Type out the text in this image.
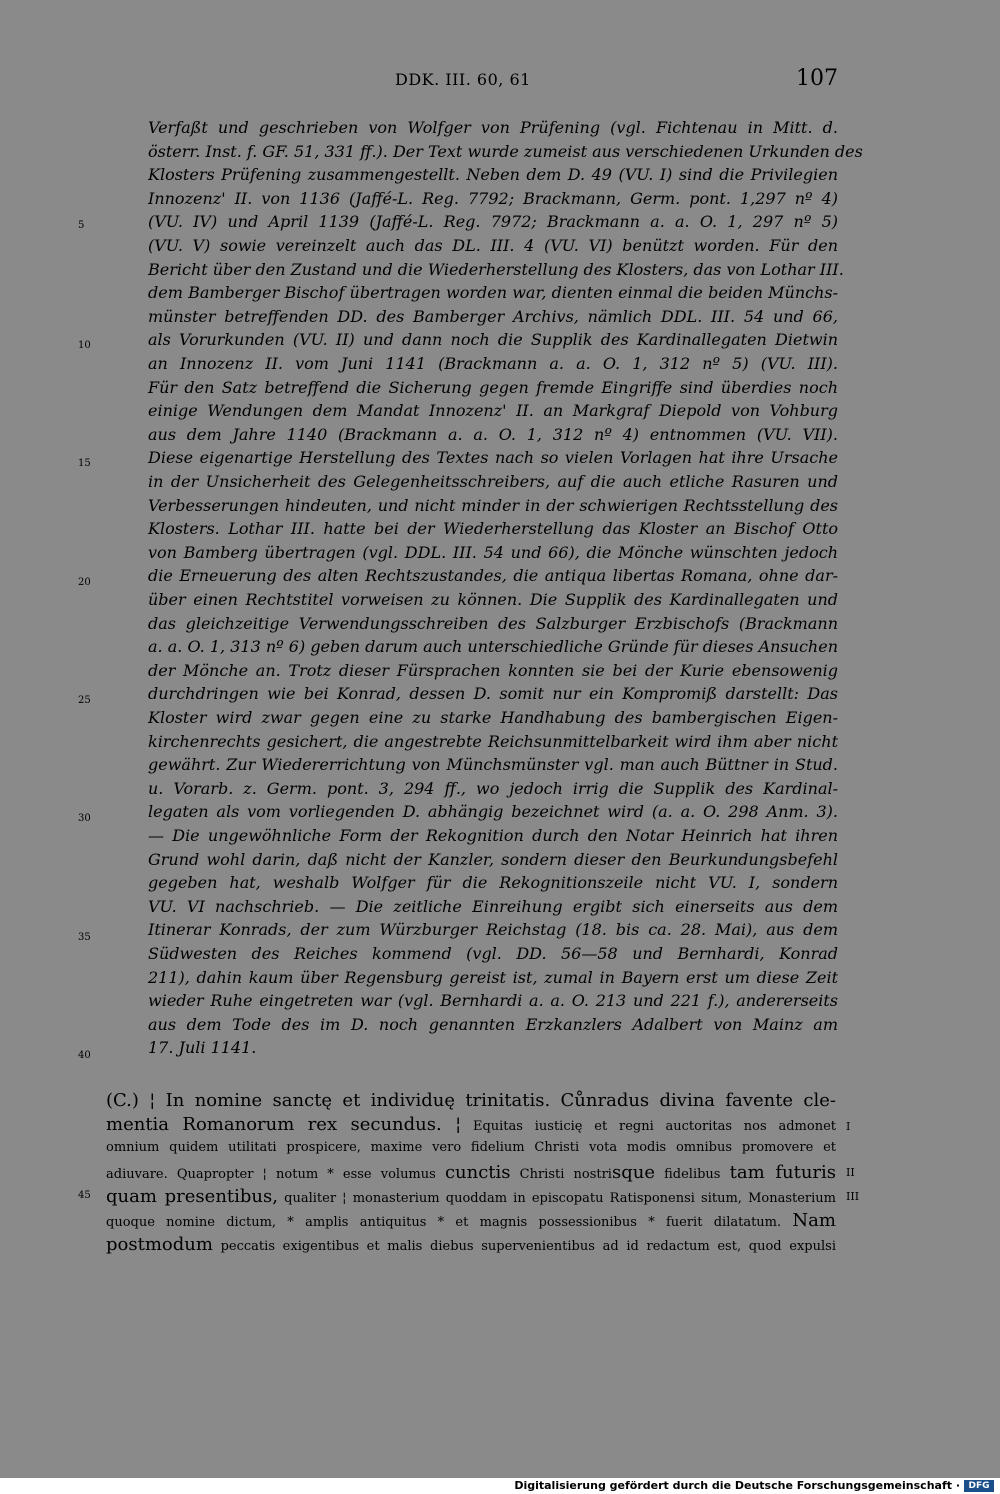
DDK. III. 60, 61	107
Verfaßt und geschrieben von Wolfger von Prüfening (vgl. Fichtenau in Mitt. d.
österr. Inst. f. GF. 51, 331 ff.). Der Text wurde zumeist aus verschiedenen Urkunden des
Klosters Prüfening zusammengestellt. Neben dem D. 49 (VU. I) sind die Privilegien
Innozenz' II. von 1136 (Jaffé-L. Reg. 7792; Brackmann, Germ. pont. 1,297 nº 4)
(VU. IV) und April 1139 (Jaffé-L. Reg. 7972; Brackmann a. a. O. 1, 297 nº 5)
(VU. V) sowie vereinzelt auch das DL. III. 4 (VU. VI) benützt worden. Für den
Bericht über den Zustand und die Wiederherstellung des Klosters, das von Lothar III.
dem Bamberger Bischof übertragen worden war, dienten einmal die beiden Münchs-
münster betreffenden DD. des Bamberger Archivs, nämlich DDL. III. 54 und 66,
als Vorurkunden (VU. II) und dann noch die Supplik des Kardinallegaten Dietwin
an Innozenz II. vom Juni 1141 (Brackmann a. a. O. 1, 312 nº 5) (VU. III).
Für den Satz betreffend die Sicherung gegen fremde Eingriffe sind überdies noch
einige Wendungen dem Mandat Innozenz' II. an Markgraf Diepold von Vohburg
aus dem Jahre 1140 (Brackmann a. a. O. 1, 312 nº 4) entnommen (VU. VII).
Diese eigenartige Herstellung des Textes nach so vielen Vorlagen hat ihre Ursache
in der Unsicherheit des Gelegenheitsschreibers, auf die auch etliche Rasuren und
Verbesserungen hindeuten, und nicht minder in der schwierigen Rechtsstellung des
Klosters. Lothar III. hatte bei der Wiederherstellung das Kloster an Bischof Otto
von Bamberg übertragen (vgl. DDL. III. 54 und 66), die Mönche wünschten jedoch
die Erneuerung des alten Rechtszustandes, die antiqua libertas Romana, ohne dar-
über einen Rechtstitel vorweisen zu können. Die Supplik des Kardinallegaten und
das gleichzeitige Verwendungsschreiben des Salzburger Erzbischofs (Brackmann
a. a. O. 1, 313 nº 6) geben darum auch unterschiedliche Gründe für dieses Ansuchen
der Mönche an. Trotz dieser Fürsprachen konnten sie bei der Kurie ebensowenig
durchdringen wie bei Konrad, dessen D. somit nur ein Kompromiß darstellt: Das
Kloster wird zwar gegen eine zu starke Handhabung des bambergischen Eigen-
kirchenrechts gesichert, die angestrebte Reichsunmittelbarkeit wird ihm aber nicht
gewährt. Zur Wiedererrichtung von Münchsmünster vgl. man auch Büttner in Stud.
u. Vorarb. z. Germ. pont. 3, 294 ff., wo jedoch irrig die Supplik des Kardinal-
legaten als vom vorliegenden D. abhängig bezeichnet wird (a. a. O. 298 Anm. 3).
— Die ungewöhnliche Form der Rekognition durch den Notar Heinrich hat ihren
Grund wohl darin, daß nicht der Kanzler, sondern dieser den Beurkundungsbefehl
gegeben hat, weshalb Wolfger für die Rekognitionszeile nicht VU. I, sondern
VU. VI nachschrieb. — Die zeitliche Einreihung ergibt sich einerseits aus dem
Itinerar Konrads, der zum Würzburger Reichstag (18. bis ca. 28. Mai), aus dem
Südwesten des Reiches kommend (vgl. DD. 56—58 und Bernhardi, Konrad
211), dahin kaum über Regensburg gereist ist, zumal in Bayern erst um diese Zeit
wieder Ruhe eingetreten war (vgl. Bernhardi a. a. O. 213 und 221 f.), andererseits
aus dem Tode des im D. noch genannten Erzkanzlers Adalbert von Mainz am
17. Juli 1141.
5
10
15
20
25
30
35
40
45
(C.) ¦ In nomine sanctę et individuę trinitatis. Cůnradus divina favente cle-
mentia Romanorum rex secundus. ¦ Equitas iusticię et regni auctoritas nos admonet
omnium quidem utilitati prospicere, maxime vero fidelium Christi vota modis omnibus promovere et
adiuvare. Quapropter ¦ notum * esse volumus cunctis Christi nostrisque fidelibus tam futuris
quam presentibus, qualiter ¦ monasterium quoddam in episcopatu Ratisponensi situm, Monasterium
quoque nomine dictum, * amplis antiquitus * et magnis possessionibus * fuerit dilatatum. Nam
postmodum peccatis exigentibus et malis diebus supervenientibus ad id redactum est, quod expulsi
I
II
III
Digitalisierung gefördert durch die Deutsche Forschungsgemeinschaft · DFG
